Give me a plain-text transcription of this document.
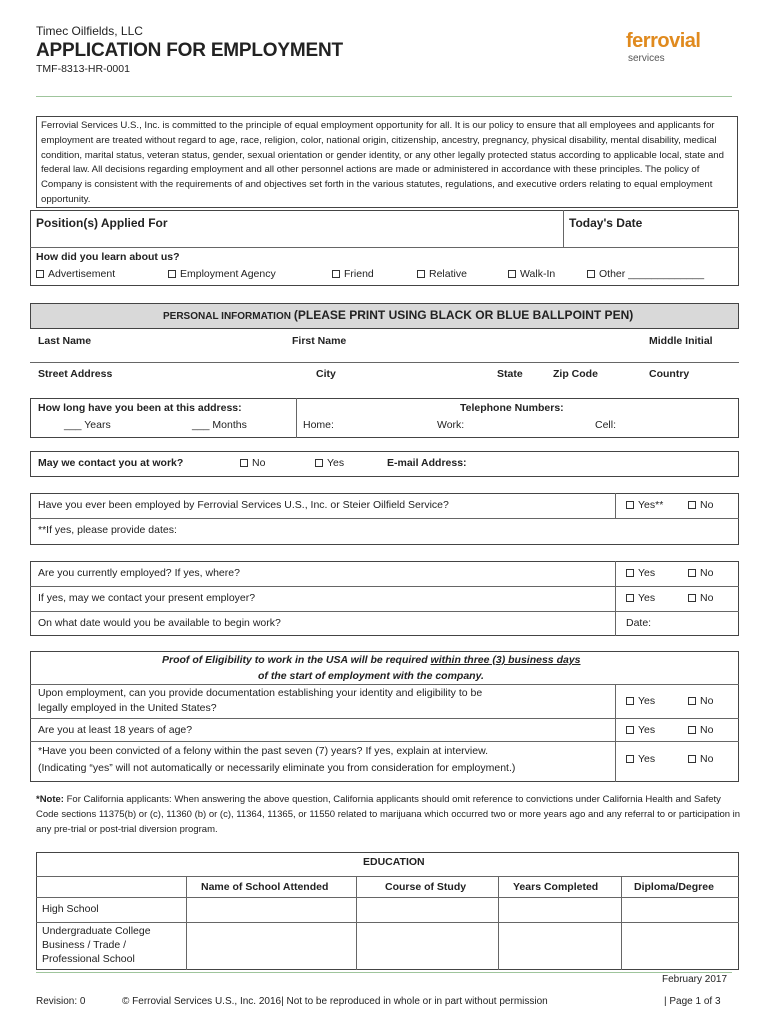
Timec Oilfields, LLC
APPLICATION FOR EMPLOYMENT
TMF-8313-HR-0001
ferrovial
services
Ferrovial Services U.S., Inc. is committed to the principle of equal employment opportunity for all. It is our policy to ensure that all employees and applicants for employment are treated without regard to age, race, religion, color, national origin, citizenship, ancestry, pregnancy, physical disability, mental disability, medical condition, marital status, veteran status, gender, sexual orientation or gender identity, or any other legally protected status according to applicable local, state and federal law. All decisions regarding employment and all other personnel actions are made or administered in accordance with these principles. The policy of Company is consistent with the requirements of and objectives set forth in the various statutes, regulations, and executive orders relating to equal employment opportunity.
Position(s) Applied For	Today's Date
How did you learn about us?
Advertisement	Employment Agency	Friend	Relative	Walk-In	Other _____________
PERSONAL INFORMATION (PLEASE PRINT USING BLACK OR BLUE BALLPOINT PEN)
Last Name	First Name	Middle Initial
Street Address	City	State	Zip Code	Country
How long have you been at this address:
___ Years	___ Months
Telephone Numbers:
Home:	Work:	Cell:
May we contact you at work?	No	Yes	E-mail Address:
Have you ever been employed by Ferrovial Services U.S., Inc. or Steier Oilfield Service?	Yes**	No
**If yes, please provide dates:
Are you currently employed? If yes, where?	Yes	No
If yes, may we contact your present employer?	Yes	No
On what date would you be available to begin work?	Date:
Proof of Eligibility to work in the USA will be required within three (3) business days
of the start of employment with the company.
Upon employment, can you provide documentation establishing your identity and eligibility to be
legally employed in the United States?
Yes	No
Are you at least 18 years of age?	Yes	No
*Have you been convicted of a felony within the past seven (7) years? If yes, explain at interview.
(Indicating “yes” will not automatically or necessarily eliminate you from consideration for employment.)
Yes	No
*Note: For California applicants: When answering the above question, California applicants should omit reference to convictions under California Health and Safety Code sections 11375(b) or (c), 11360 (b) or (c), 11364, 11365, or 11550 related to marijuana which occurred two or more years ago and any referral to or participation in any pre-trial or post-trial diversion program.
EDUCATION
Name of School Attended	Course of Study	Years Completed	Diploma/Degree
High School
Undergraduate College
Business / Trade /
Professional School
February 2017
Revision: 0	© Ferrovial Services U.S., Inc. 2016| Not to be reproduced in whole or in part without permission	| Page 1 of 3
